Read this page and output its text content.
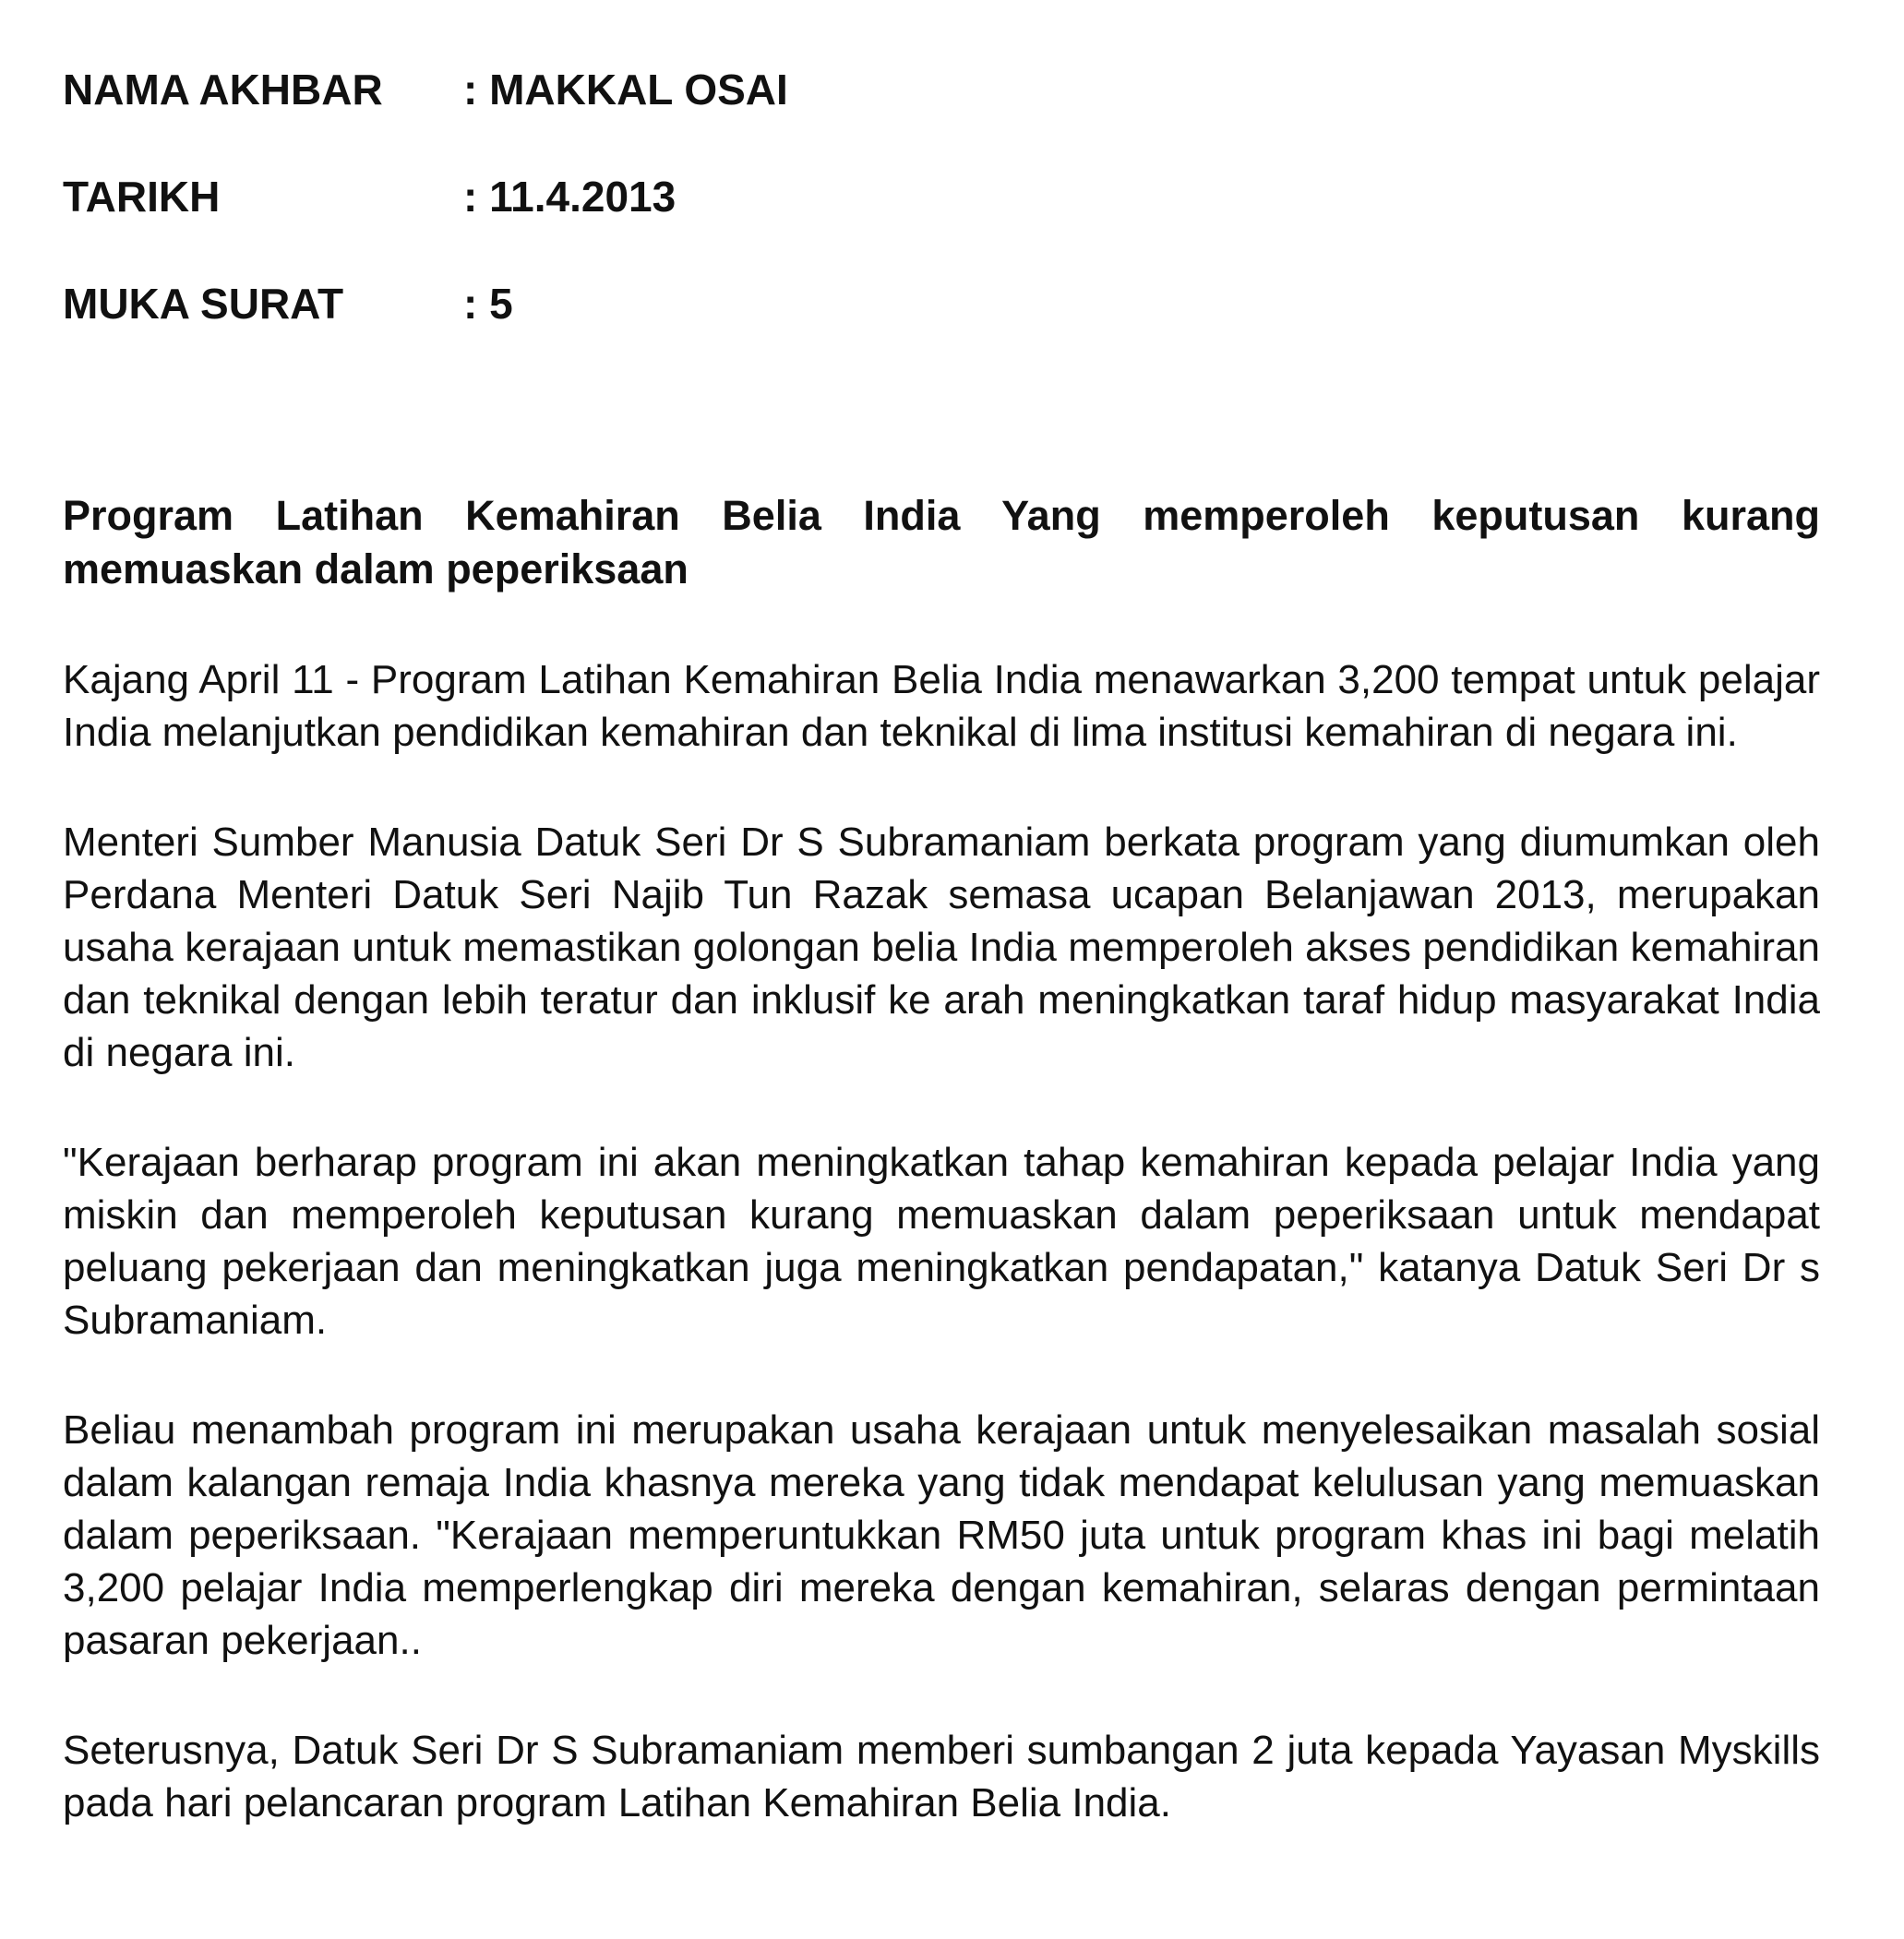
NAMA AKHBAR	: MAKKAL OSAI
TARIKH	: 11.4.2013
MUKA SURAT	: 5
Program Latihan Kemahiran Belia India Yang memperoleh keputusan kurang memuaskan dalam peperiksaan

Kajang April 11 - Program Latihan Kemahiran Belia India menawarkan 3,200 tempat untuk pelajar India melanjutkan pendidikan kemahiran dan teknikal di lima institusi kemahiran di negara ini.

Menteri Sumber Manusia Datuk Seri Dr S Subramaniam berkata program yang diumumkan oleh Perdana Menteri Datuk Seri Najib Tun Razak semasa ucapan Belanjawan 2013, merupakan usaha kerajaan untuk memastikan golongan belia India memperoleh akses pendidikan kemahiran dan teknikal dengan lebih teratur dan inklusif ke arah meningkatkan taraf hidup masyarakat India di negara ini.

"Kerajaan berharap program ini akan meningkatkan tahap kemahiran kepada pelajar India yang miskin dan memperoleh keputusan kurang memuaskan dalam peperiksaan untuk mendapat peluang pekerjaan dan meningkatkan juga meningkatkan pendapatan," katanya Datuk Seri Dr s Subramaniam.

Beliau menambah program ini merupakan usaha kerajaan untuk menyelesaikan masalah sosial dalam kalangan remaja India khasnya mereka yang tidak mendapat kelulusan yang memuaskan dalam peperiksaan. "Kerajaan memperuntukkan RM50 juta untuk program khas ini bagi melatih 3,200 pelajar India memperlengkap diri mereka dengan kemahiran, selaras dengan permintaan pasaran pekerjaan..

Seterusnya, Datuk Seri Dr S Subramaniam memberi sumbangan 2 juta kepada Yayasan Myskills pada hari pelancaran program Latihan Kemahiran Belia India.
